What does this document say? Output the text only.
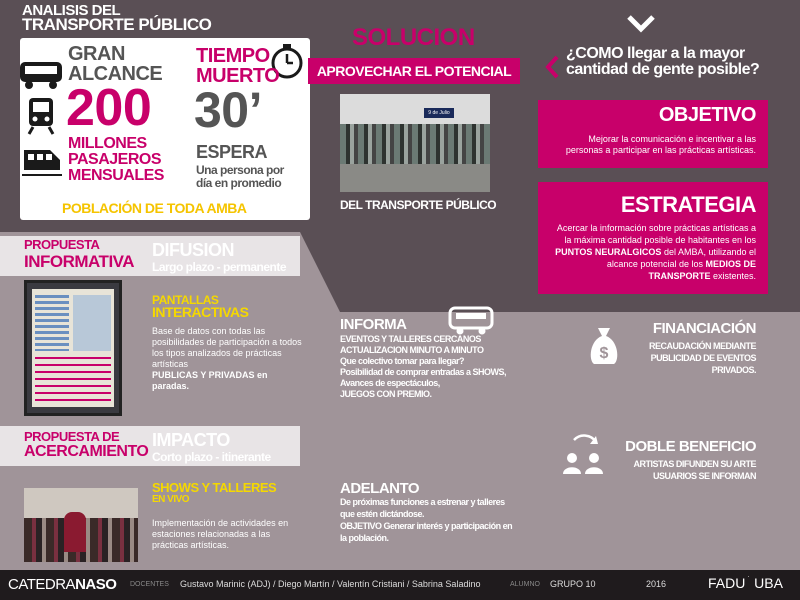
ANALISIS DEL
TRANSPORTE PÚBLICO
GRAN
ALCANCE
200
MILLONES
PASAJEROS
MENSUALES
TIEMPO
MUERTO
30’
ESPERA
Una persona por día en promedio
POBLACIÓN DE TODA AMBA
SOLUCION
APROVECHAR EL POTENCIAL
¿COMO llegar a la mayor cantidad de gente posible?
9 de Julio
DEL TRANSPORTE PÚBLICO
OBJETIVO
Mejorar la comunicación e incentivar a las personas a participar en las prácticas artísticas.
ESTRATEGIA
Acercar la información sobre prácticas artísticas a la máxima cantidad posible de habitantes en los PUNTOS NEURALGICOS del AMBA, utilizando el alcance potencial de los MEDIOS DE TRANSPORTE existentes.
PROPUESTA
INFORMATIVA
DIFUSION
Largo plazo - permanente
PANTALLAS
INTERACTIVAS
Base de datos con todas las posibilidades de participación a todos los tipos analizados de prácticas artísticas
PUBLICAS Y PRIVADAS en paradas.
INFORMA
EVENTOS Y TALLERES CERCANOS
ACTUALIZACION MINUTO A MINUTO
Que colectivo tomar para llegar?
Posibilidad de comprar entradas a SHOWS,
Avances de espectáculos,
JUEGOS CON PREMIO.
$
FINANCIACIÓN
RECAUDACIÓN MEDIANTE PUBLICIDAD DE EVENTOS PRIVADOS.
PROPUESTA DE
ACERCAMIENTO
IMPACTO
Corto plazo - itinerante
SHOWS Y TALLERES
EN VIVO
Implementación de actividades en estaciones relacionadas a las prácticas artísticas.
ADELANTO
De próximas funciones a estrenar y talleres que estén dictándose.
OBJETIVO Generar interés y participación en la población.
DOBLE BENEFICIO
ARTISTAS DIFUNDEN SU ARTE
USUARIOS SE INFORMAN
CATEDRANASO DOCENTES Gustavo Marinic (ADJ) / Diego Martín / Valentín Cristiani / Sabrina Saladino	ALUMNO GRUPO 10	2016	FADU ˙ UBA
